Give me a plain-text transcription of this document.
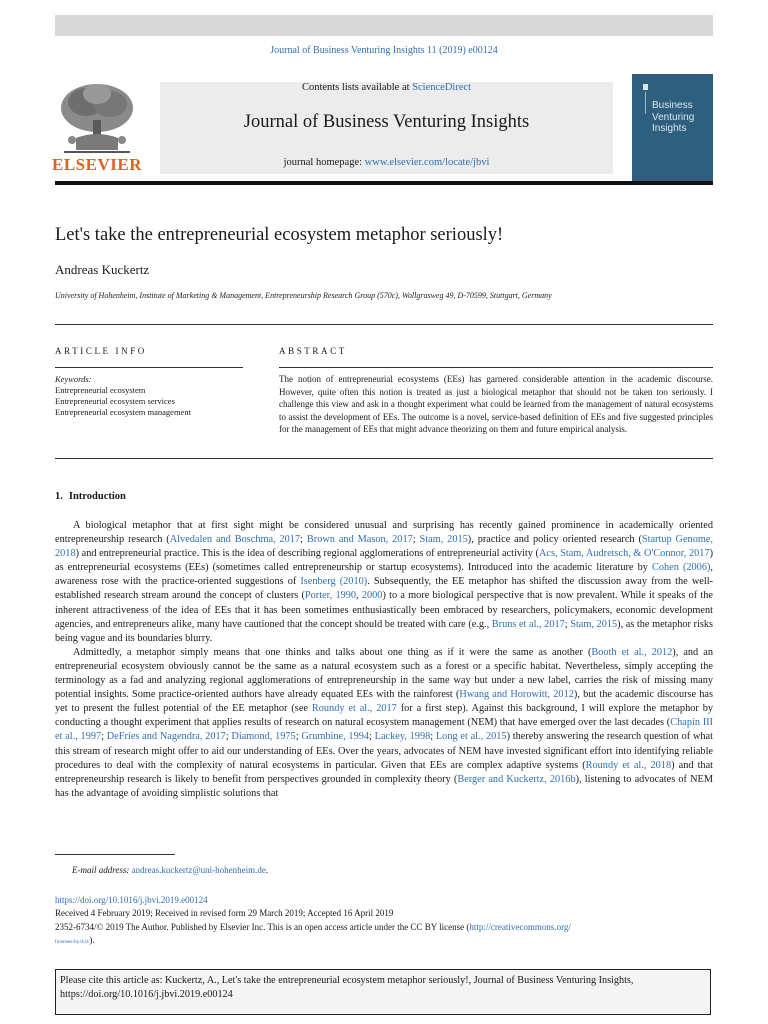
Journal of Business Venturing Insights 11 (2019) e00124
Contents lists available at ScienceDirect
Journal of Business Venturing Insights
journal homepage: www.elsevier.com/locate/jbvi
ELSEVIER
Business
Venturing
Insights
Let's take the entrepreneurial ecosystem metaphor seriously!
Andreas Kuckertz
University of Hohenheim, Institute of Marketing & Management, Entrepreneurship Research Group (570c), Wollgrasweg 49, D-70599, Stuttgart, Germany
ARTICLE INFO	ABSTRACT
Keywords:
Entrepreneurial ecosystem
Entrepreneurial ecosystem services
Entrepreneurial ecosystem management
The notion of entrepreneurial ecosystems (EEs) has garnered considerable attention in the academic discourse. However, quite often this notion is treated as just a biological metaphor that should not be taken too seriously. I challenge this view and ask in a thought experiment what could be learned from the management of natural ecosystems to assist the development of EEs. The outcome is a novel, service-based definition of EEs and five suggested principles for the management of EEs that might advance theorizing on them and future empirical analysis.
1. Introduction

A biological metaphor that at first sight might be considered unusual and surprising has recently gained prominence in academically oriented entrepreneurship research (Alvedalen and Boschma, 2017; Brown and Mason, 2017; Stam, 2015), practice and policy oriented research (Startup Genome, 2018) and entrepreneurial practice. This is the idea of describing regional agglomerations of entrepreneurial activity (Acs, Stam, Audretsch, & O'Connor, 2017) as entrepreneurial ecosystems (EEs) (sometimes called entrepreneurship or startup ecosystems). Introduced into the academic literature by Cohen (2006), awareness rose with the practice-oriented suggestions of Isenberg (2010). Subsequently, the EE metaphor has shifted the discussion away from the well-established research stream around the concept of clusters (Porter, 1990, 2000) to a more biological perspective that is now prevalent. While it speaks of the inherent attractiveness of the idea of EEs that it has been sometimes enthusiastically been embraced by researchers, policymakers, economic development agencies, and entrepreneurs alike, many have cautioned that the concept should be treated with care (e.g., Bruns et al., 2017; Stam, 2015), as the metaphor risks being vague and its boundaries blurry.

Admittedly, a metaphor simply means that one thinks and talks about one thing as if it were the same as another (Booth et al., 2012), and an entrepreneurial ecosystem obviously cannot be the same as a natural ecosystem such as a forest or a specific habitat. Nevertheless, simply accepting the terminology as a fad and analyzing regional agglomerations of entrepreneurship in the same way but under a new label, carries the risk of missing many potential insights. Some practice-oriented authors have already equated EEs with the rainforest (Hwang and Horowitt, 2012), but the academic discourse has yet to present the fullest potential of the EE metaphor (see Roundy et al., 2017 for a first step). Against this background, I will explore the metaphor by conducting a thought experiment that applies results of research on natural ecosystem management (NEM) that have emerged over the last decades (Chapin III et al., 1997; DeFries and Nagendra, 2017; Diamond, 1975; Grumbine, 1994; Lackey, 1998; Long et al., 2015) thereby answering the research question of what this stream of research might offer to aid our understanding of EEs. Over the years, advocates of NEM have invested significant effort into identifying reliable procedures to deal with the complexity of natural ecosystems in particular. Given that EEs are complex adaptive systems (Roundy et al., 2018) and that entrepreneurship research is likely to benefit from perspectives grounded in complexity theory (Berger and Kuckertz, 2016b), listening to advocates of NEM has the advantage of avoiding simplistic solutions that

E-mail address: andreas.kuckertz@uni-hohenheim.de.
https://doi.org/10.1016/j.jbvi.2019.e00124
Received 4 February 2019; Received in revised form 29 March 2019; Accepted 16 April 2019
2352-6734/© 2019 The Author. Published by Elsevier Inc. This is an open access article under the CC BY license (http://creativecommons.org/
licenses/by/4.0/).
Please cite this article as: Kuckertz, A., Let's take the entrepreneurial ecosystem metaphor seriously!, Journal of Business Venturing Insights, https://doi.org/10.1016/j.jbvi.2019.e00124
